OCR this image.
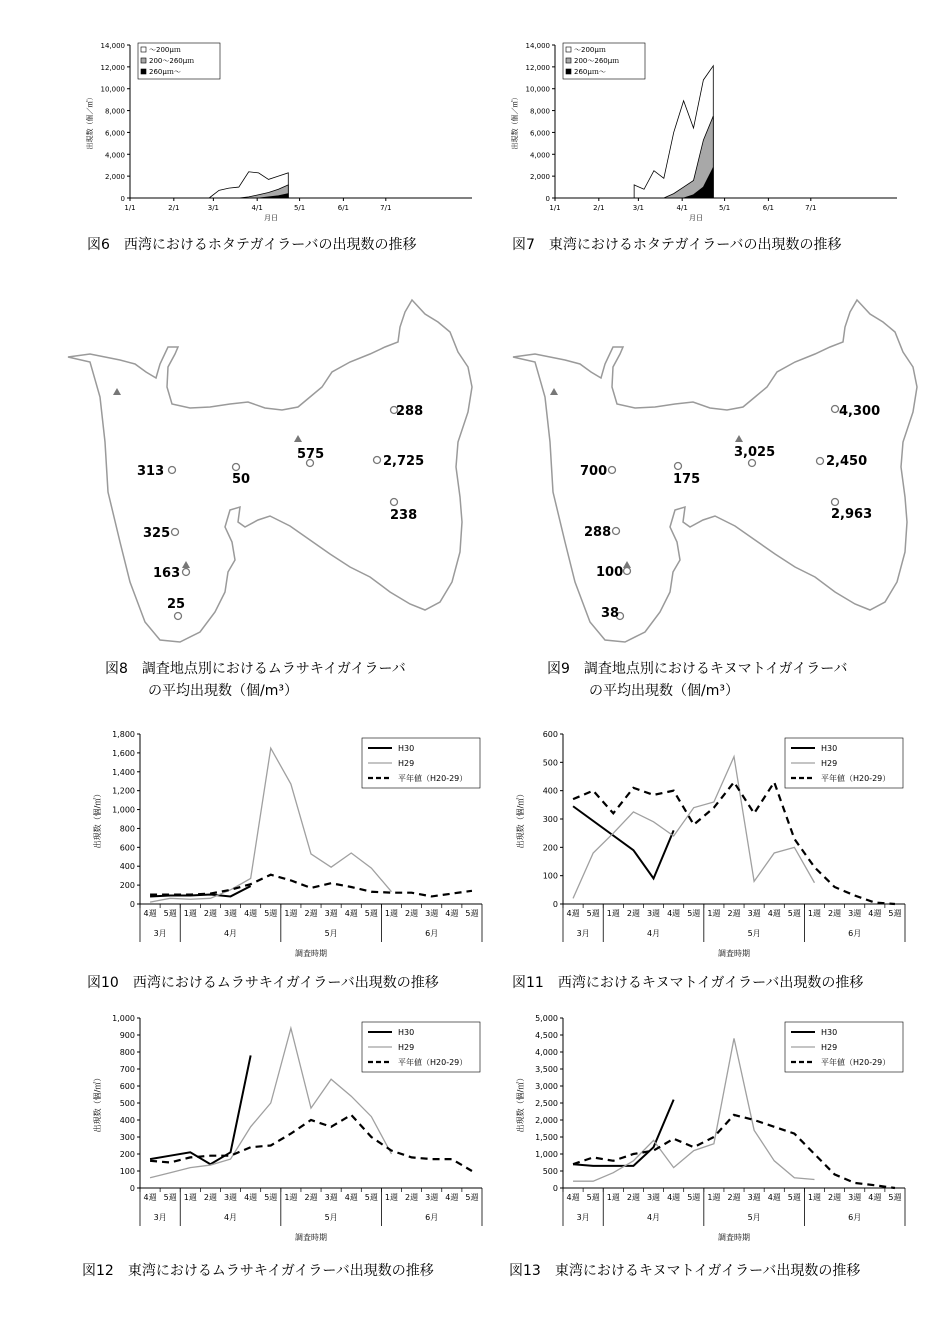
0
2,000
4,000
6,000
8,000
10,000
12,000
14,000
1/1	2/1	3/1	4/1	5/1	6/1	7/1
月日
出現数（個／㎥）
～200μｍ
200～260μｍ
260μｍ～
図6　西湾におけるホタテガイラーバの出現数の推移
0
2,000
4,000
6,000
8,000
10,000
12,000
14,000
1/1	2/1	3/1	4/1	5/1	6/1	7/1
月日
出現数（個／㎥）
～200μｍ
200～260μｍ
260μｍ～
図7　東湾におけるホタテガイラーバの出現数の推移
288
575	2,725
313
50
238
325
163
25
図8　調査地点別におけるムラサキイガイラーバ
の平均出現数（個/m³）
4,300
3,025
2,450
700
175
2,963
288
100
38
図9　調査地点別におけるキヌマトイガイラーバ
の平均出現数（個/m³）
0
200
400
600
800
1,000
1,200
1,400
1,600
1,800
出現数（個/㎥）
4週 5週 1週 2週 3週 4週 5週 1週 2週 3週 4週 5週 1週 2週 3週 4週 5週
3月	4月	5月	6月
調査時期
H30
H29
平年値（H20-29）
図10　西湾におけるムラサキイガイラーバ出現数の推移
0
100
200
300
400
500
600
出現数（個/㎥）
4週 5週 1週 2週 3週 4週 5週 1週 2週 3週 4週 5週 1週 2週 3週 4週 5週
3月	4月	5月	6月
調査時期
H30
H29
平年値（H20-29）
図11　西湾におけるキヌマトイガイラーバ出現数の推移
0
100
200
300
400
500
600
700
800
900
1,000
出現数（個/㎥）
4週 5週 1週 2週 3週 4週 5週 1週 2週 3週 4週 5週 1週 2週 3週 4週 5週
3月	4月	5月	6月
調査時期
H30
H29
平年値（H20-29）
図12　東湾におけるムラサキイガイラーバ出現数の推移
0
500
1,000
1,500
2,000
2,500
3,000
3,500
4,000
4,500
5,000
出現数（個/㎥）
4週 5週 1週 2週 3週 4週 5週 1週 2週 3週 4週 5週 1週 2週 3週 4週 5週
3月	4月	5月	6月
調査時期
H30
H29
平年値（H20-29）
図13　東湾におけるキヌマトイガイラーバ出現数の推移
